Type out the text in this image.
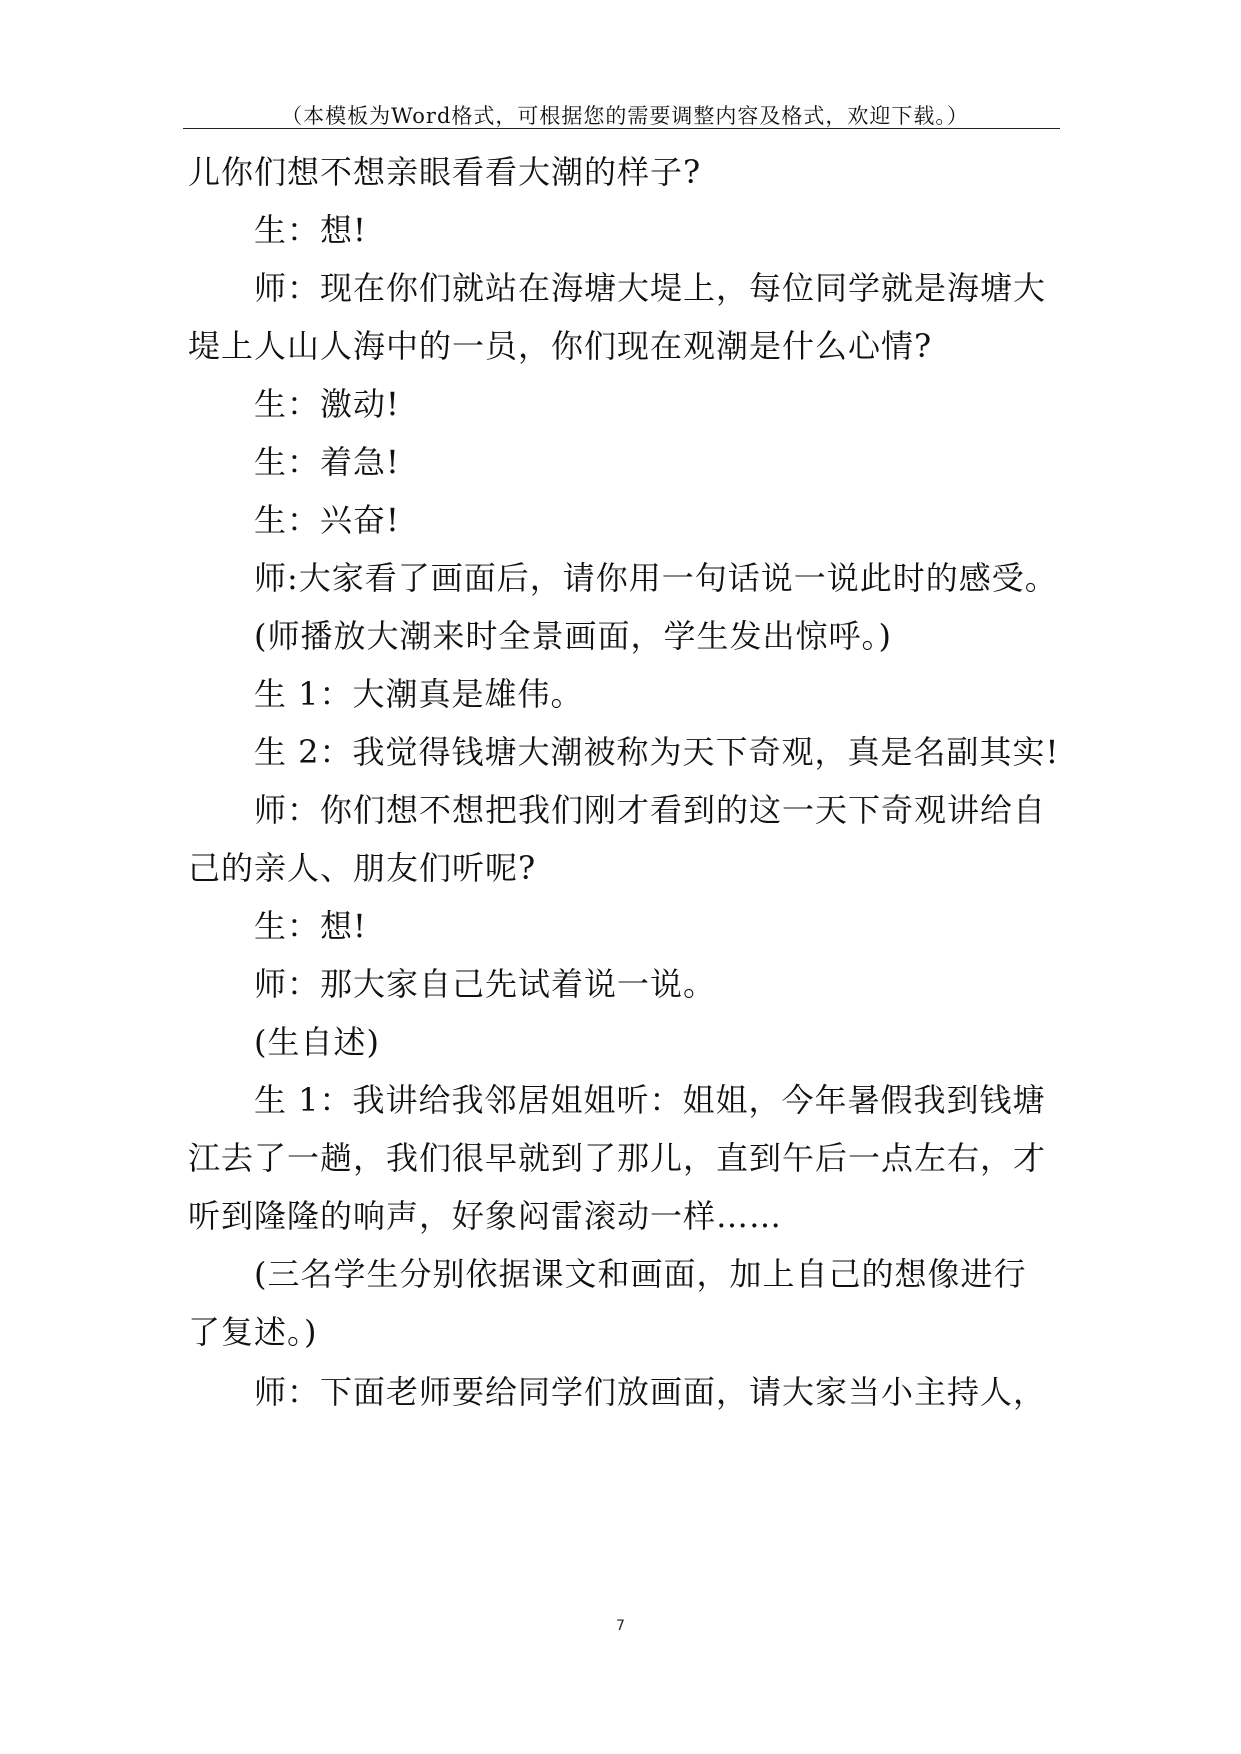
（本模板为Word格式，可根据您的需要调整内容及格式，欢迎下载。）
儿你们想不想亲眼看看大潮的样子?
生：想!
师：现在你们就站在海塘大堤上，每位同学就是海塘大
堤上人山人海中的一员，你们现在观潮是什么心情?
生：激动!
生：着急!
生：兴奋!
师:大家看了画面后，请你用一句话说一说此时的感受。
(师播放大潮来时全景画面，学生发出惊呼。)
生 1：大潮真是雄伟。
生 2：我觉得钱塘大潮被称为天下奇观，真是名副其实!
师：你们想不想把我们刚才看到的这一天下奇观讲给自
己的亲人、朋友们听呢?
生：想!
师：那大家自己先试着说一说。
(生自述)
生 1：我讲给我邻居姐姐听：姐姐，今年暑假我到钱塘
江去了一趟，我们很早就到了那儿，直到午后一点左右，才
听到隆隆的响声，好象闷雷滚动一样……
(三名学生分别依据课文和画面，加上自己的想像进行
了复述。)
师：下面老师要给同学们放画面，请大家当小主持人，
7
